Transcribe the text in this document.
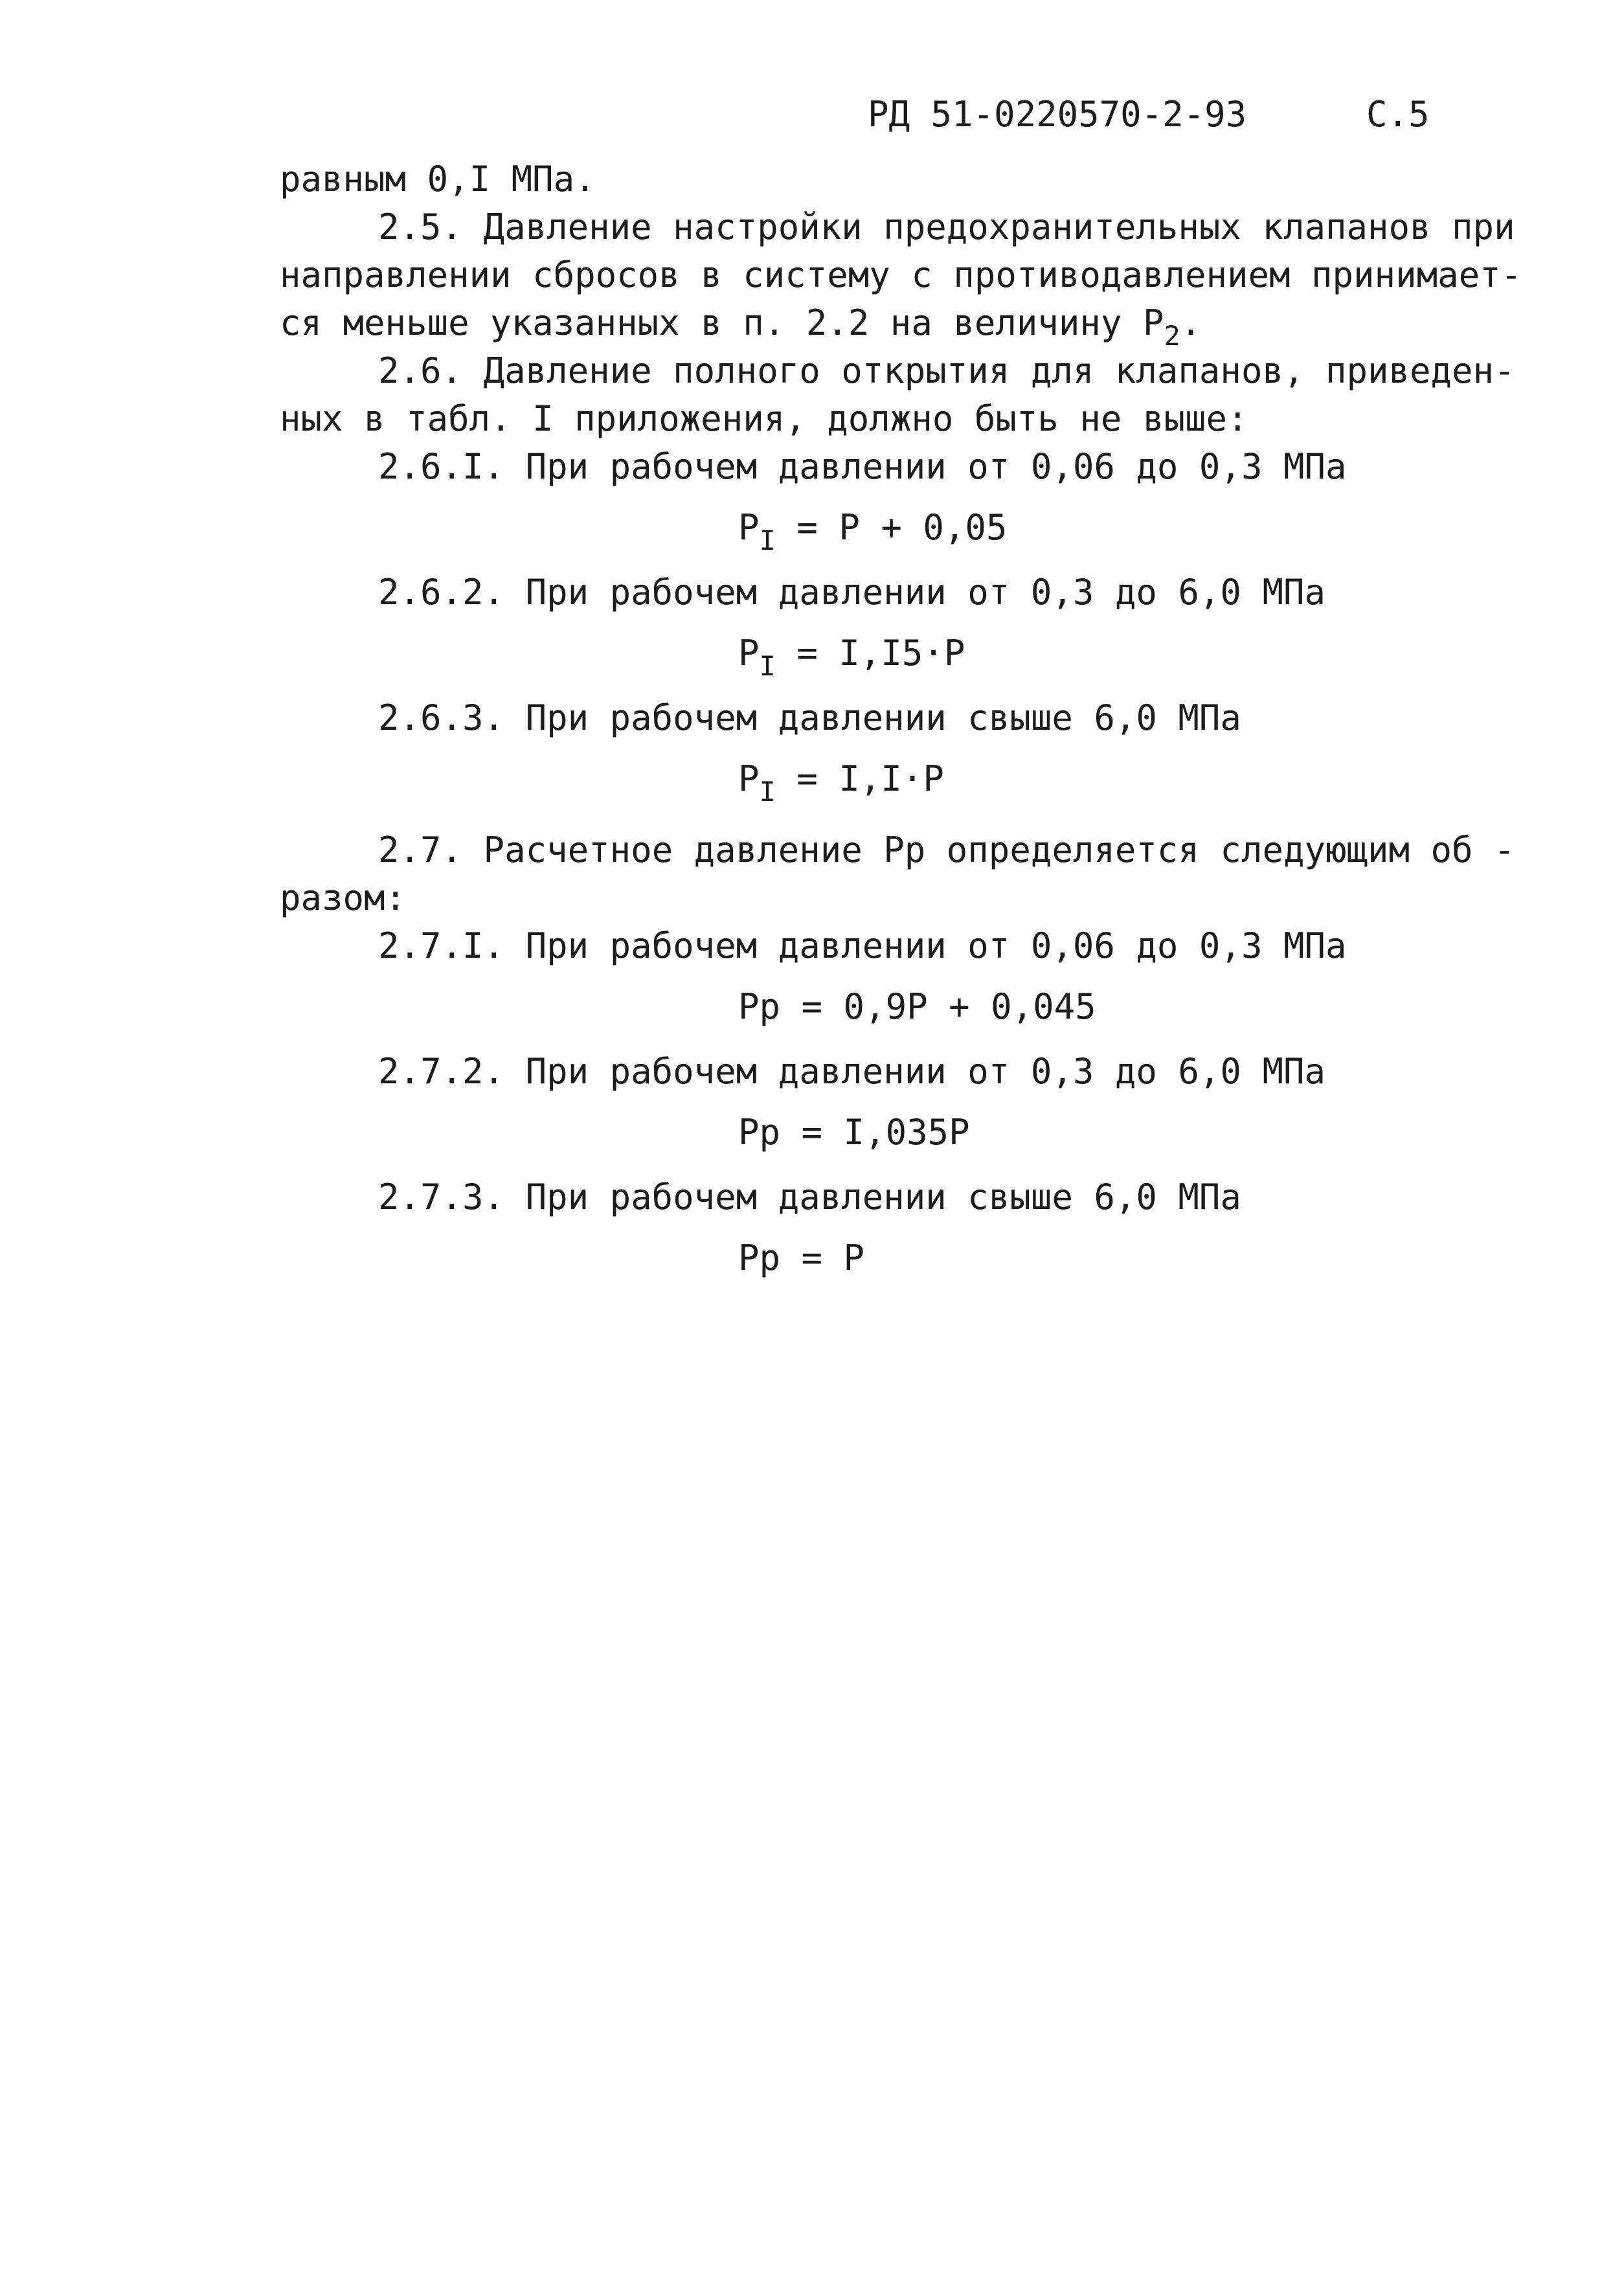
РД 51-0220570-2-93	С.5
равным 0,I МПа.
2.5. Давление настройки предохранительных клапанов при
направлении сбросов в систему с противодавлением принимает-
ся меньше указанных в п. 2.2 на величину $P_2$.
2.6. Давление полного открытия для клапанов, приведен-
ных в табл. I приложения, должно быть не выше:
2.6.I. При рабочем давлении от 0,06 до 0,3 МПа
$P_I = P + 0,05$
2.6.2. При рабочем давлении от 0,3 до 6,0 МПа
$P_I = I,I5\cdot P$
2.6.3. При рабочем давлении свыше 6,0 МПа
$P_I = I,I\cdot P$
2.7. Расчетное давление Pp определяется следующим об -
разом:
2.7.I. При рабочем давлении от 0,06 до 0,3 МПа
Pp = 0,9P + 0,045
2.7.2. При рабочем давлении от 0,3 до 6,0 МПа
Pp = I,035P
2.7.3. При рабочем давлении свыше 6,0 МПа
Pp = P
